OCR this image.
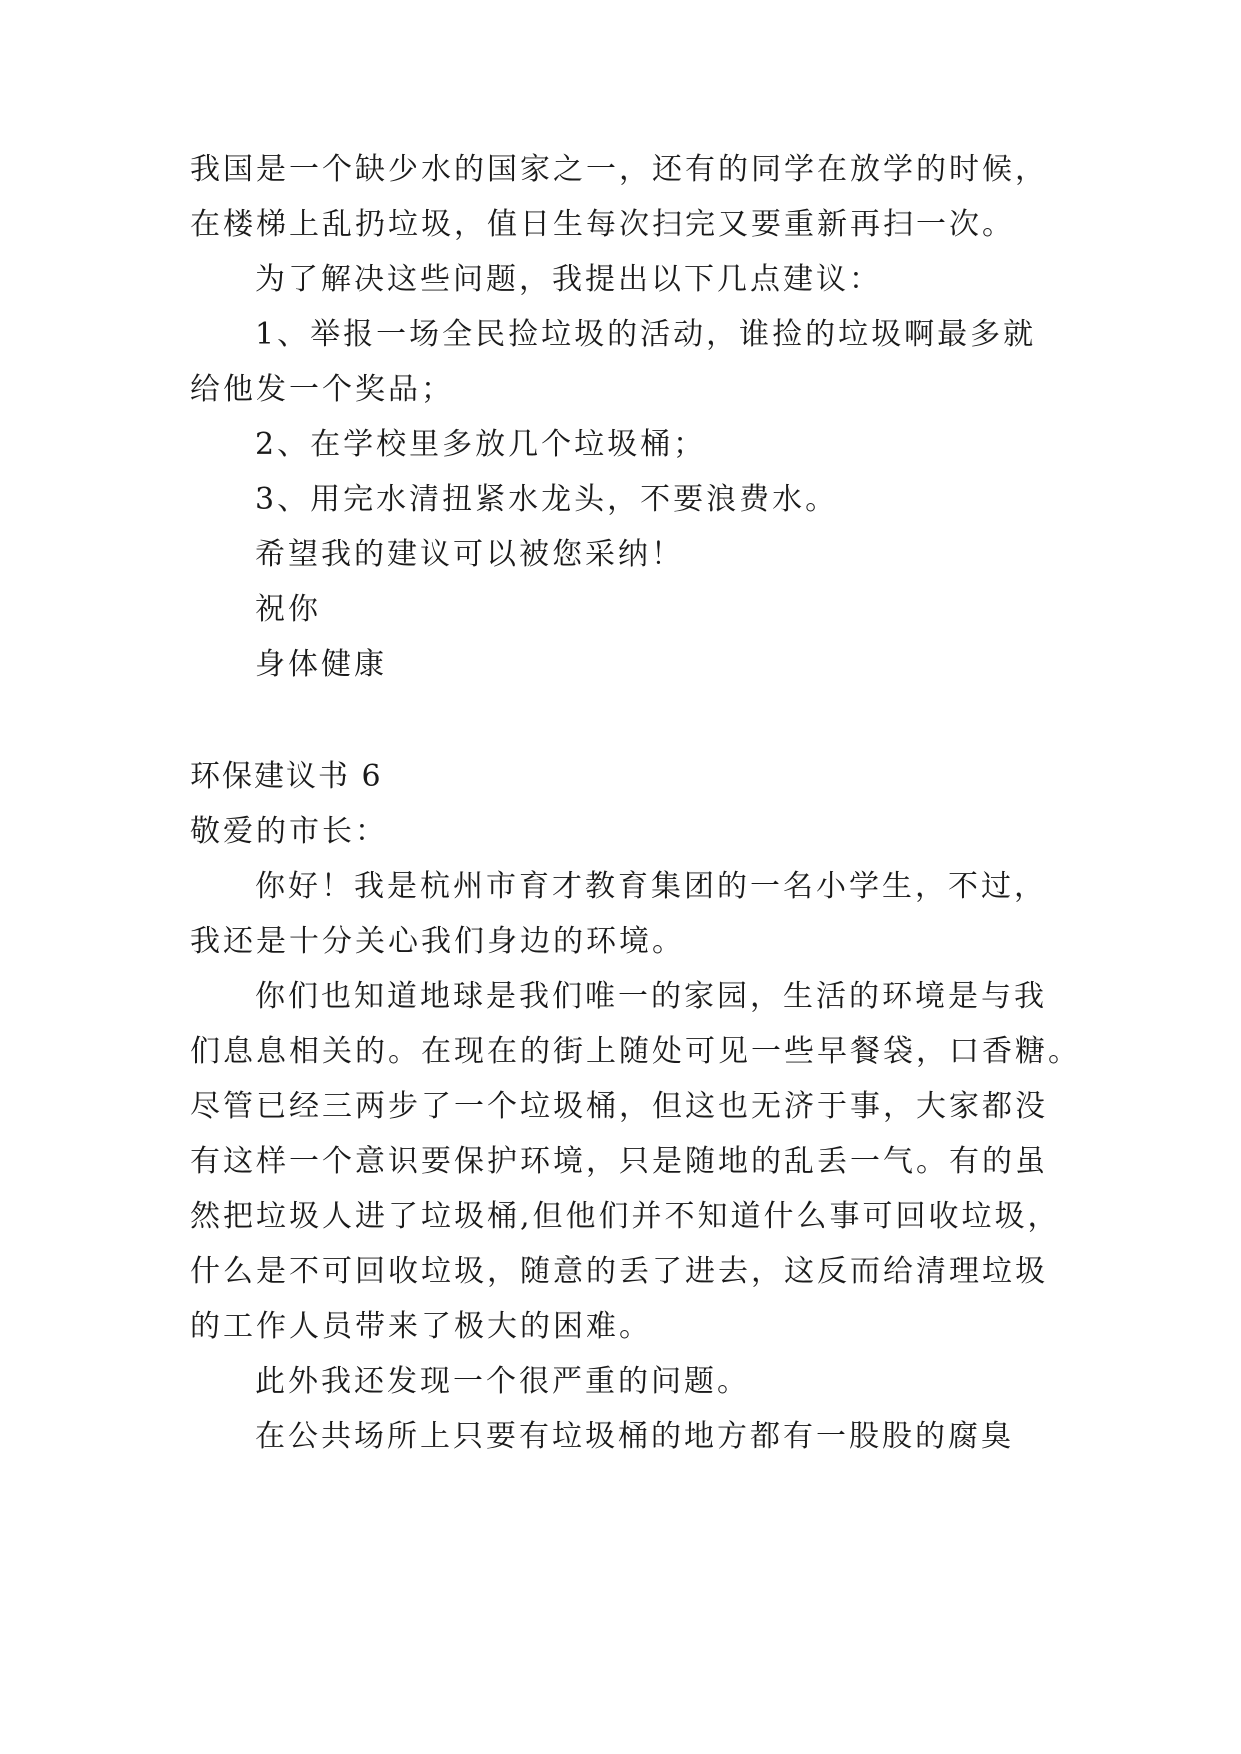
我国是一个缺少水的国家之一，还有的同学在放学的时候，
在楼梯上乱扔垃圾，值日生每次扫完又要重新再扫一次。
为了解决这些问题，我提出以下几点建议：
1、举报一场全民捡垃圾的活动，谁捡的垃圾啊最多就
给他发一个奖品；
2、在学校里多放几个垃圾桶；
3、用完水清扭紧水龙头，不要浪费水。
希望我的建议可以被您采纳！
祝你
身体健康
环保建议书 6
敬爱的市长：
你好！我是杭州市育才教育集团的一名小学生，不过，
我还是十分关心我们身边的环境。
你们也知道地球是我们唯一的家园，生活的环境是与我
们息息相关的。在现在的街上随处可见一些早餐袋，口香糖。
尽管已经三两步了一个垃圾桶，但这也无济于事，大家都没
有这样一个意识要保护环境，只是随地的乱丢一气。有的虽
然把垃圾人进了垃圾桶,但他们并不知道什么事可回收垃圾，
什么是不可回收垃圾，随意的丢了进去，这反而给清理垃圾
的工作人员带来了极大的困难。
此外我还发现一个很严重的问题。
在公共场所上只要有垃圾桶的地方都有一股股的腐臭
